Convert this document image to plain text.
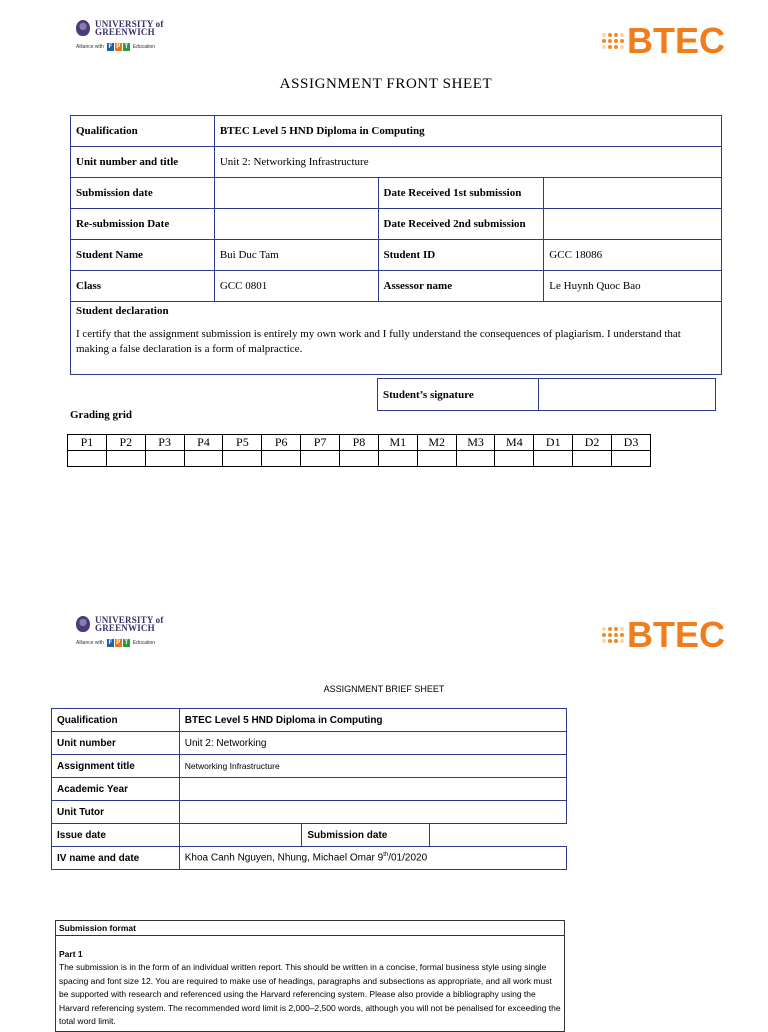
UNIVERSITY of
GREENWICH
Alliance with F P T Education	BTEC
ASSIGNMENT FRONT SHEET
Qualification	BTEC Level 5 HND Diploma in Computing		
Unit number and title	Unit 2: Networking Infrastructure		
Submission date		Date Received 1st submission	
Re-submission Date		Date Received 2nd submission	
Student Name	Bui Duc Tam	Student ID	GCC 18086
Class	GCC 0801	Assessor name	Le Huynh Quoc Bao

Student declaration
I certify that the assignment submission is entirely my own work and I fully understand the consequences of plagiarism. I understand that making a false declaration is a form of malpractice.			
Student’s signature	
Grading grid
P1	P2	P3	P4	P5	P6	P7	P8	M1	M2	M3	M4	D1	D2	D3

UNIVERSITY of
GREENWICH
Alliance with F P T Education	BTEC
ASSIGNMENT BRIEF SHEET
Qualification	BTEC Level 5 HND Diploma in Computing		
Unit number	Unit 2: Networking		
Assignment title	Networking Infrastructure		
Academic Year			
Unit Tutor			
Issue date		Submission date	
IV name and date	Khoa Canh Nguyen, Nhung, Michael Omar 9th/01/2020		
Submission format
Part 1
The submission is in the form of an individual written report. This should be written in a concise, formal business style using single spacing and font size 12. You are required to make use of headings, paragraphs and subsections as appropriate, and all work must be supported with research and referenced using the Harvard referencing system. Please also provide a bibliography using the Harvard referencing system. The recommended word limit is 2,000–2,500 words, although you will not be penalised for exceeding the total word limit.
